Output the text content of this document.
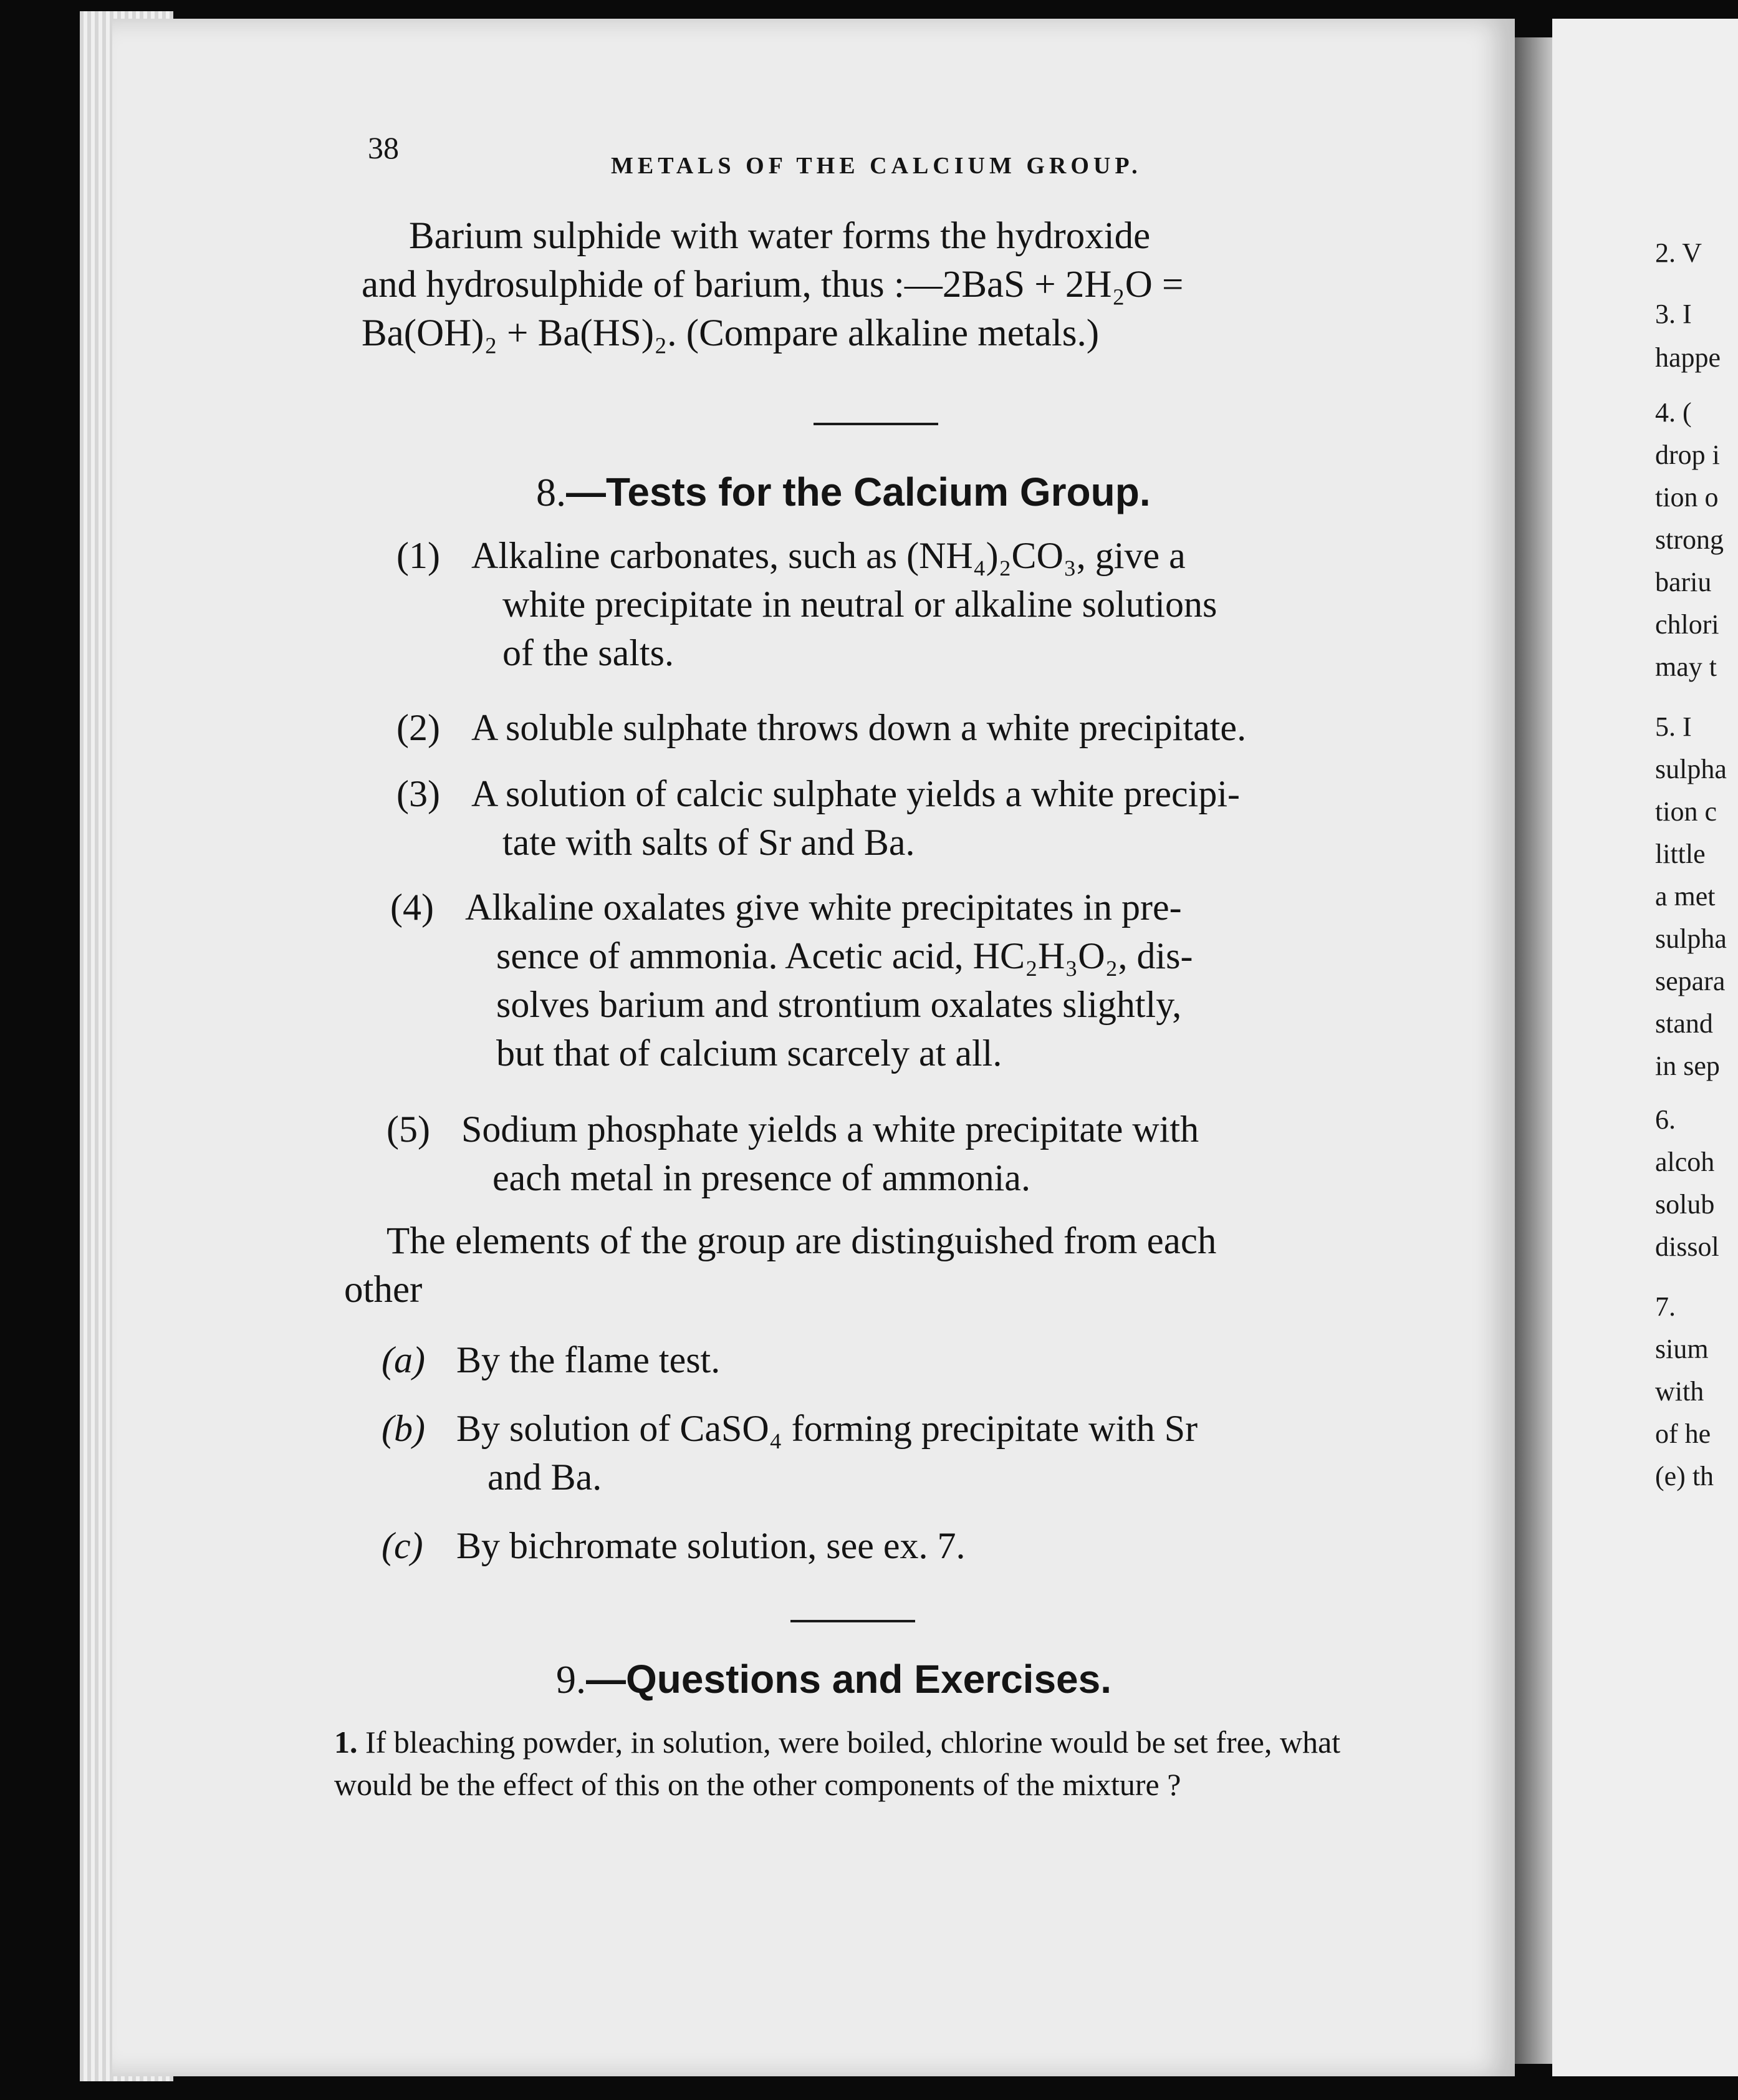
38
METALS OF THE CALCIUM GROUP.
Barium sulphide with water forms the hydroxide
and hydrosulphide of barium, thus :—2BaS + 2H₂O =
Ba(OH)₂ + Ba(HS)₂. (Compare alkaline metals.)
8.—Tests for the Calcium Group.
(1) Alkaline carbonates, such as (NH₄)₂CO₃, give a
white precipitate in neutral or alkaline solutions
of the salts.
(2) A soluble sulphate throws down a white precipitate.
(3) A solution of calcic sulphate yields a white precipi-
tate with salts of Sr and Ba.
(4) Alkaline oxalates give white precipitates in pre-
sence of ammonia. Acetic acid, HC₂H₃O₂, dis-
solves barium and strontium oxalates slightly,
but that of calcium scarcely at all.
(5) Sodium phosphate yields a white precipitate with
each metal in presence of ammonia.
The elements of the group are distinguished from each
other
(a) By the flame test.
(b) By solution of CaSO₄ forming precipitate with Sr
and Ba.
(c) By bichromate solution, see ex. 7.
9.—Questions and Exercises.
1. If bleaching powder, in solution, were boiled, chlorine would be set free, what would be the effect of this on the other components of the mixture ?
2. V
3. I
happe
4. (
drop i
tion o
strong
bariu
chlori
may t
5. I
sulpha
tion c
little
a met
sulpha
separa
stand
in sep
6.
alcoh
solub
dissol
7.
sium
with
of he
(e) th
